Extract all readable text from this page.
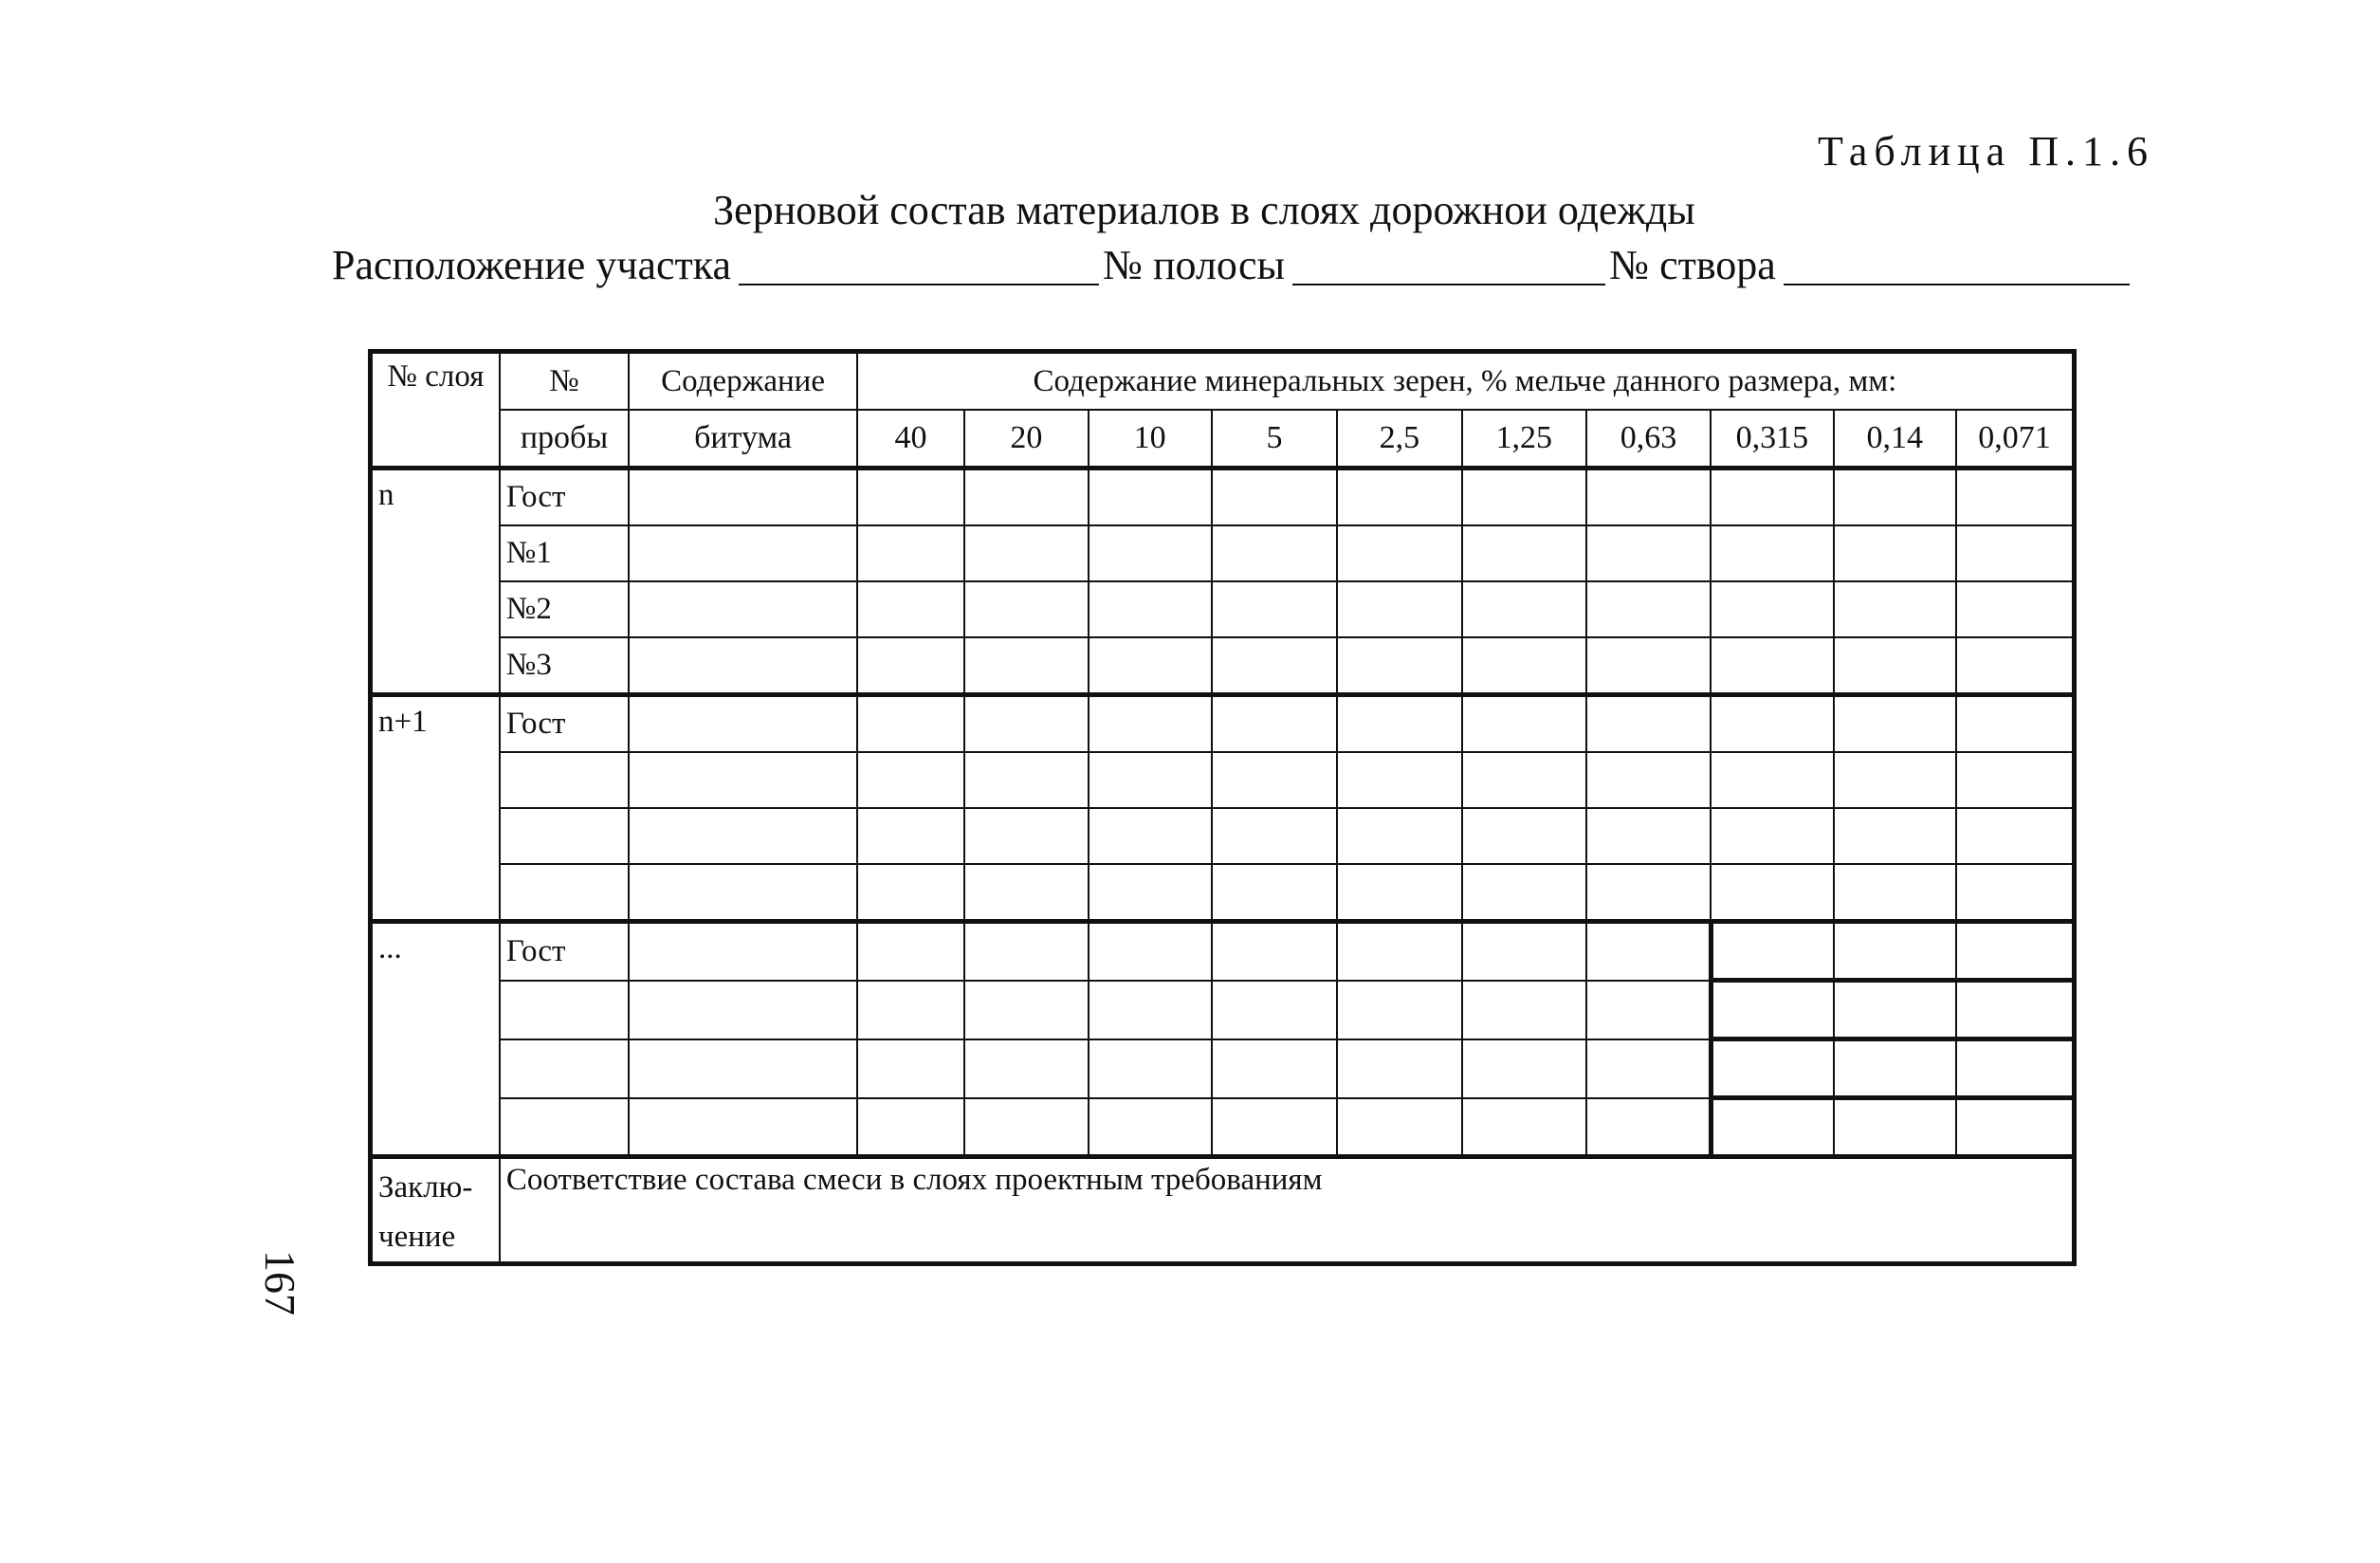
Таблица П.1.6
Зерновой состав материалов в слоях дорожнои одежды
Расположение участка	№ полосы	№ створа
№ слоя	№	Содержание	Содержание минеральных зерен, % мельче данного размера, мм:									
	пробы	битума	40	20	10	5	2,5	1,25	0,63	0,315	0,14	0,071
n	Гост											
	№1											
	№2											
	№3											
n+1	Гост											

...	Гост											

Заклю-
чение	Соответствие состава смеси в слоях проектным требованиям											
167
